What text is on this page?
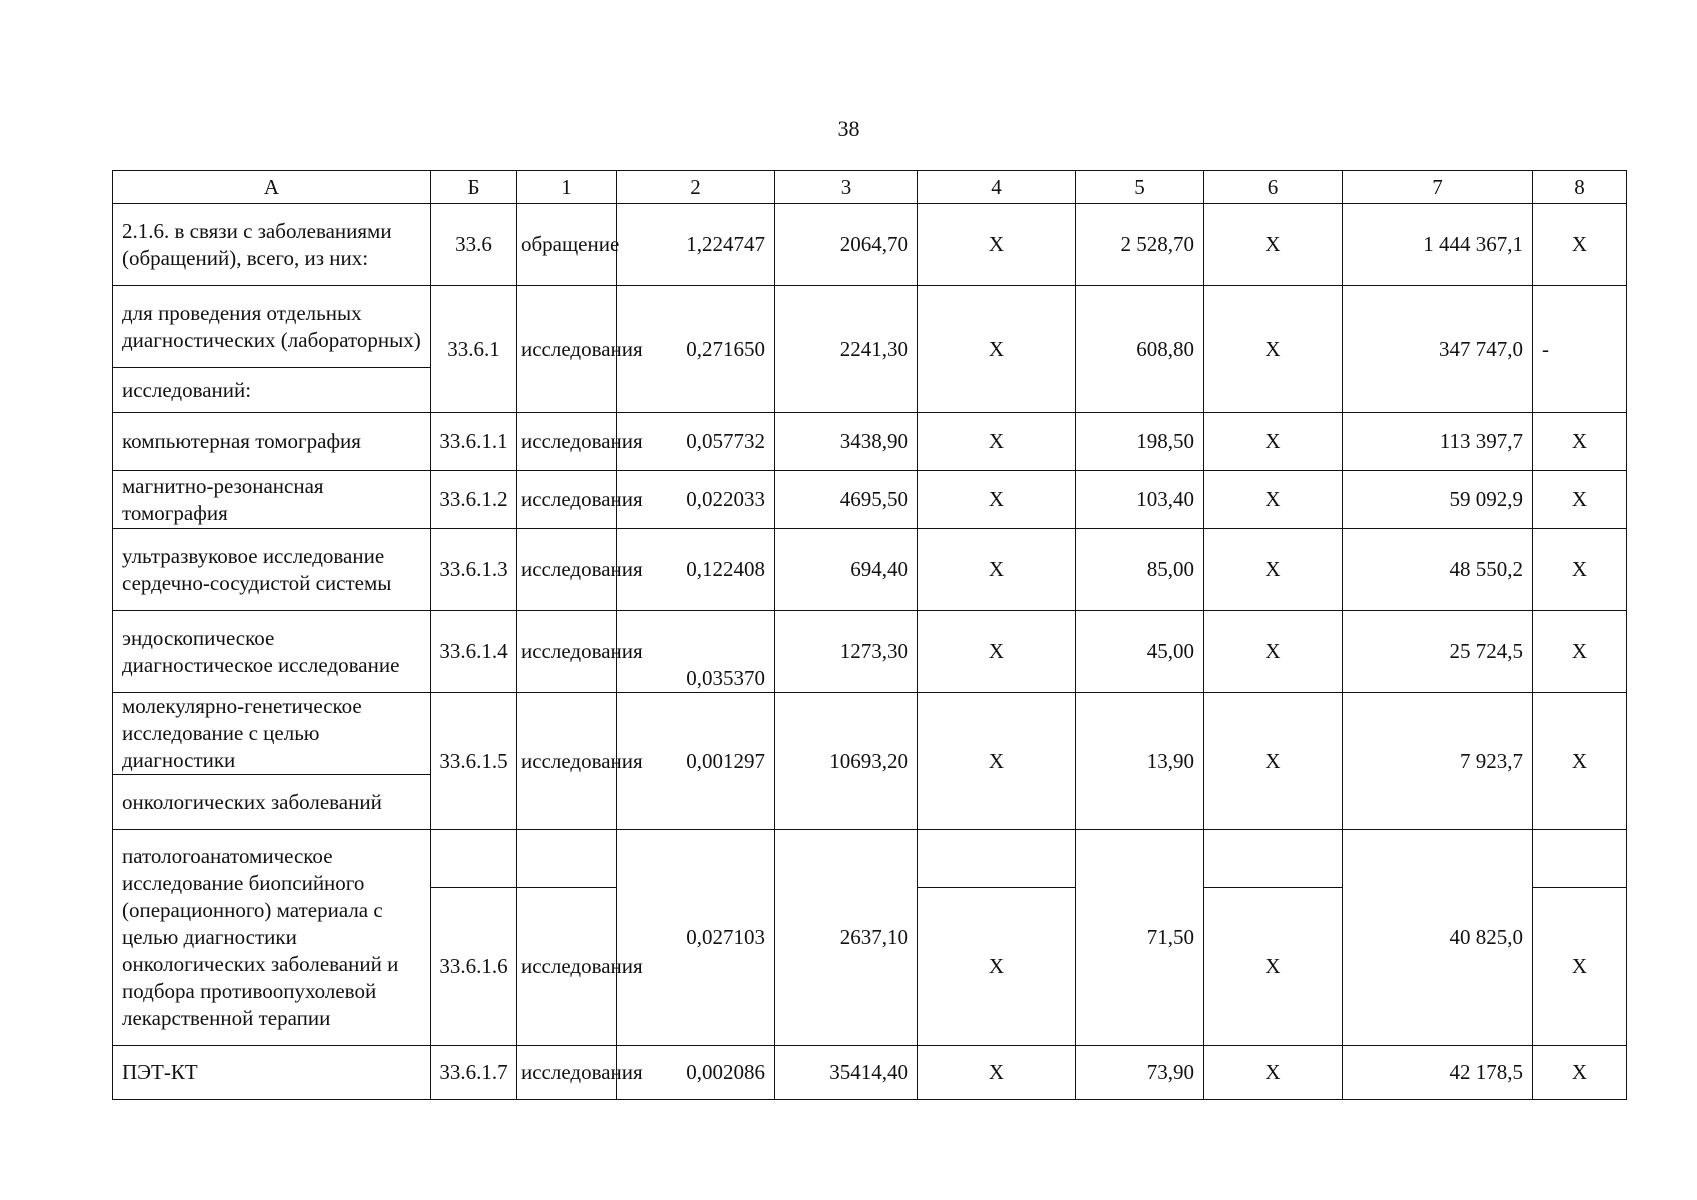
38
А	Б	1	2	3	4	5	6	7	8
2.1.6. в связи с заболеваниями (обращений), всего, из них:	33.6	обращение	1,224747	2064,70	Х	2 528,70	Х	1 444 367,1	Х
для проведения отдельных диагностических (лабораторных)	33.6.1	исследования	0,271650	2241,30	Х	608,80	Х	347 747,0	-
исследований:									
компьютерная томография	33.6.1.1	исследования	0,057732	3438,90	Х	198,50	Х	113 397,7	Х
магнитно-резонансная томография	33.6.1.2	исследования	0,022033	4695,50	Х	103,40	Х	59 092,9	Х
ультразвуковое исследование сердечно-сосудистой системы	33.6.1.3	исследования	0,122408	694,40	Х	85,00	Х	48 550,2	Х
эндоскопическое диагностическое исследование	33.6.1.4	исследования	0,035370	1273,30	Х	45,00	Х	25 724,5	Х
молекулярно-генетическое исследование с целью диагностики	33.6.1.5	исследования	0,001297	10693,20	Х	13,90	Х	7 923,7	Х
онкологических заболеваний									
патологоанатомическое исследование биопсийного (операционного) материала с целью диагностики онкологических заболеваний и подбора противоопухолевой лекарственной терапии			0,027103	2637,10		71,50		40 825,0	
	33.6.1.6	исследования			Х		Х		Х
ПЭТ-КТ	33.6.1.7	исследования	0,002086	35414,40	Х	73,90	Х	42 178,5	Х
